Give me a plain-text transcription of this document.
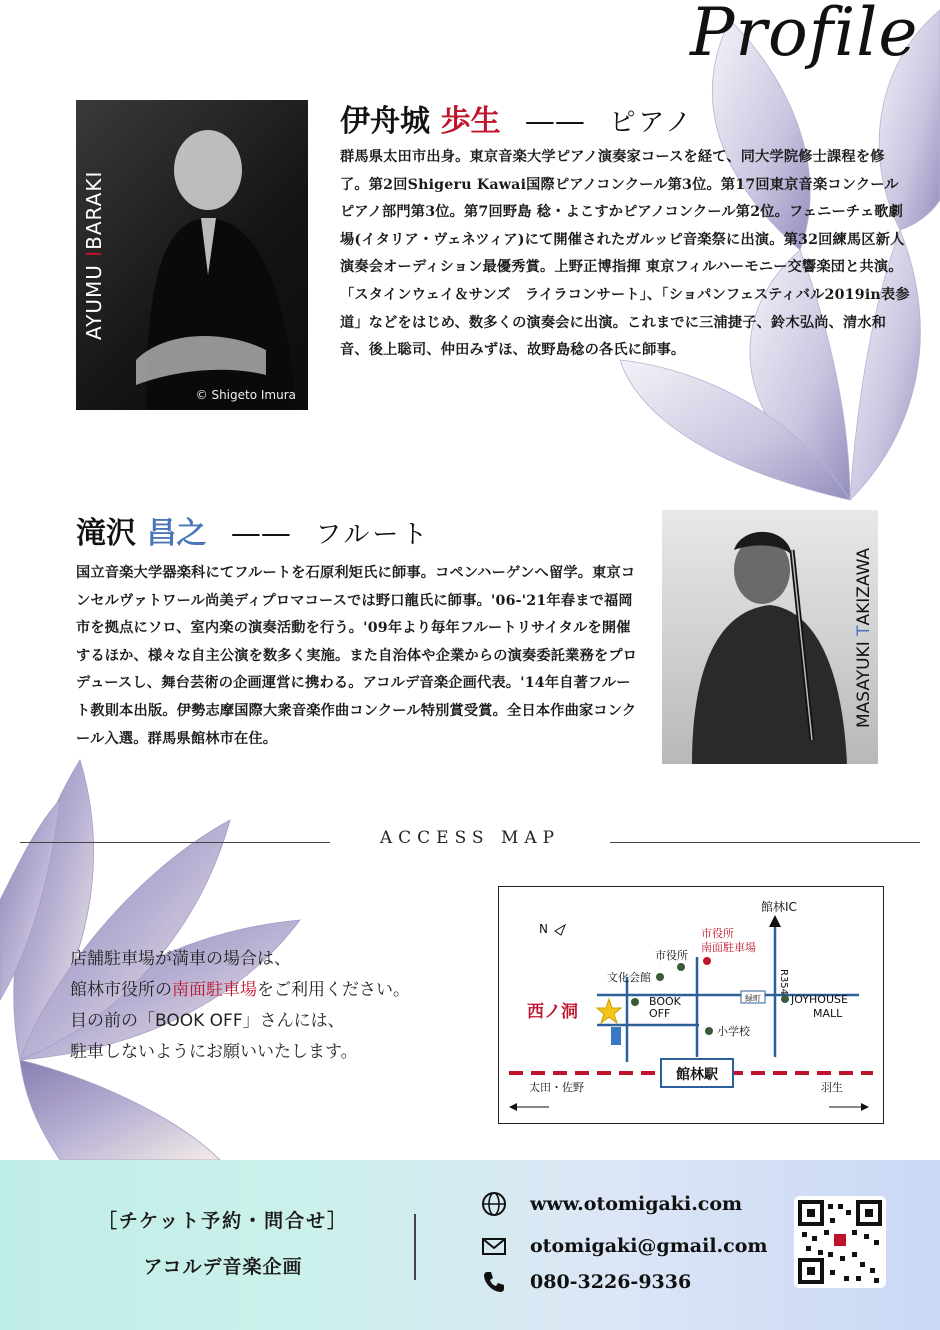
Profile
AYUMU IBARAKI
© Shigeto Imura
伊舟城 歩生 —— ピアノ
群馬県太田市出身。東京音楽大学ピアノ演奏家コースを経て、同大学院修士課程を修了。第2回Shigeru Kawai国際ピアノコンクール第3位。第17回東京音楽コンクールピアノ部門第3位。第7回野島 稔・よこすかピアノコンクール第2位。フェニーチェ歌劇場(イタリア・ヴェネツィア)にて開催されたガルッピ音楽祭に出演。第32回練馬区新人演奏会オーディション最優秀賞。上野正博指揮 東京フィルハーモニー交響楽団と共演。「スタインウェイ＆サンズ　ライラコンサート」、「ショパンフェスティバル2019in表参道」などをはじめ、数多くの演奏会に出演。これまでに三浦捷子、鈴木弘尚、清水和音、後上聡司、仲田みずほ、故野島稔の各氏に師事。
滝沢 昌之 —— フルート
国立音楽大学器楽科にてフルートを石原利矩氏に師事。コペンハーゲンへ留学。東京コンセルヴァトワール尚美ディプロマコースでは野口龍氏に師事。'06-'21年春まで福岡市を拠点にソロ、室内楽の演奏活動を行う。'09年より毎年フルートリサイタルを開催するほか、様々な自主公演を数多く実施。また自治体や企業からの演奏委託業務をプロデュースし、舞台芸術の企画運営に携わる。アコルデ音楽企画代表。'14年自著フルート教則本出版。伊勢志摩国際大衆音楽作曲コンクール特別賞受賞。全日本作曲家コンクール入選。群馬県館林市在住。
MASAYUKI TAKIZAWA
ACCESS MAP
店舗駐車場が満車の場合は、
館林市役所の南面駐車場をご利用ください。
目の前の「BOOK OFF」さんには、
駐車しないようにお願いいたします。
館林駅
N
館林IC
市役所
南面駐車場
市役所
文化会館	R354
西ノ洞
BOOK
OFF
緑町	JOYHOUSE
MALL
小学校
太田・佐野	羽生
［チケット予約・問合せ］
アコルデ音楽企画
www.otomigaki.com
otomigaki@gmail.com
080-3226-9336
